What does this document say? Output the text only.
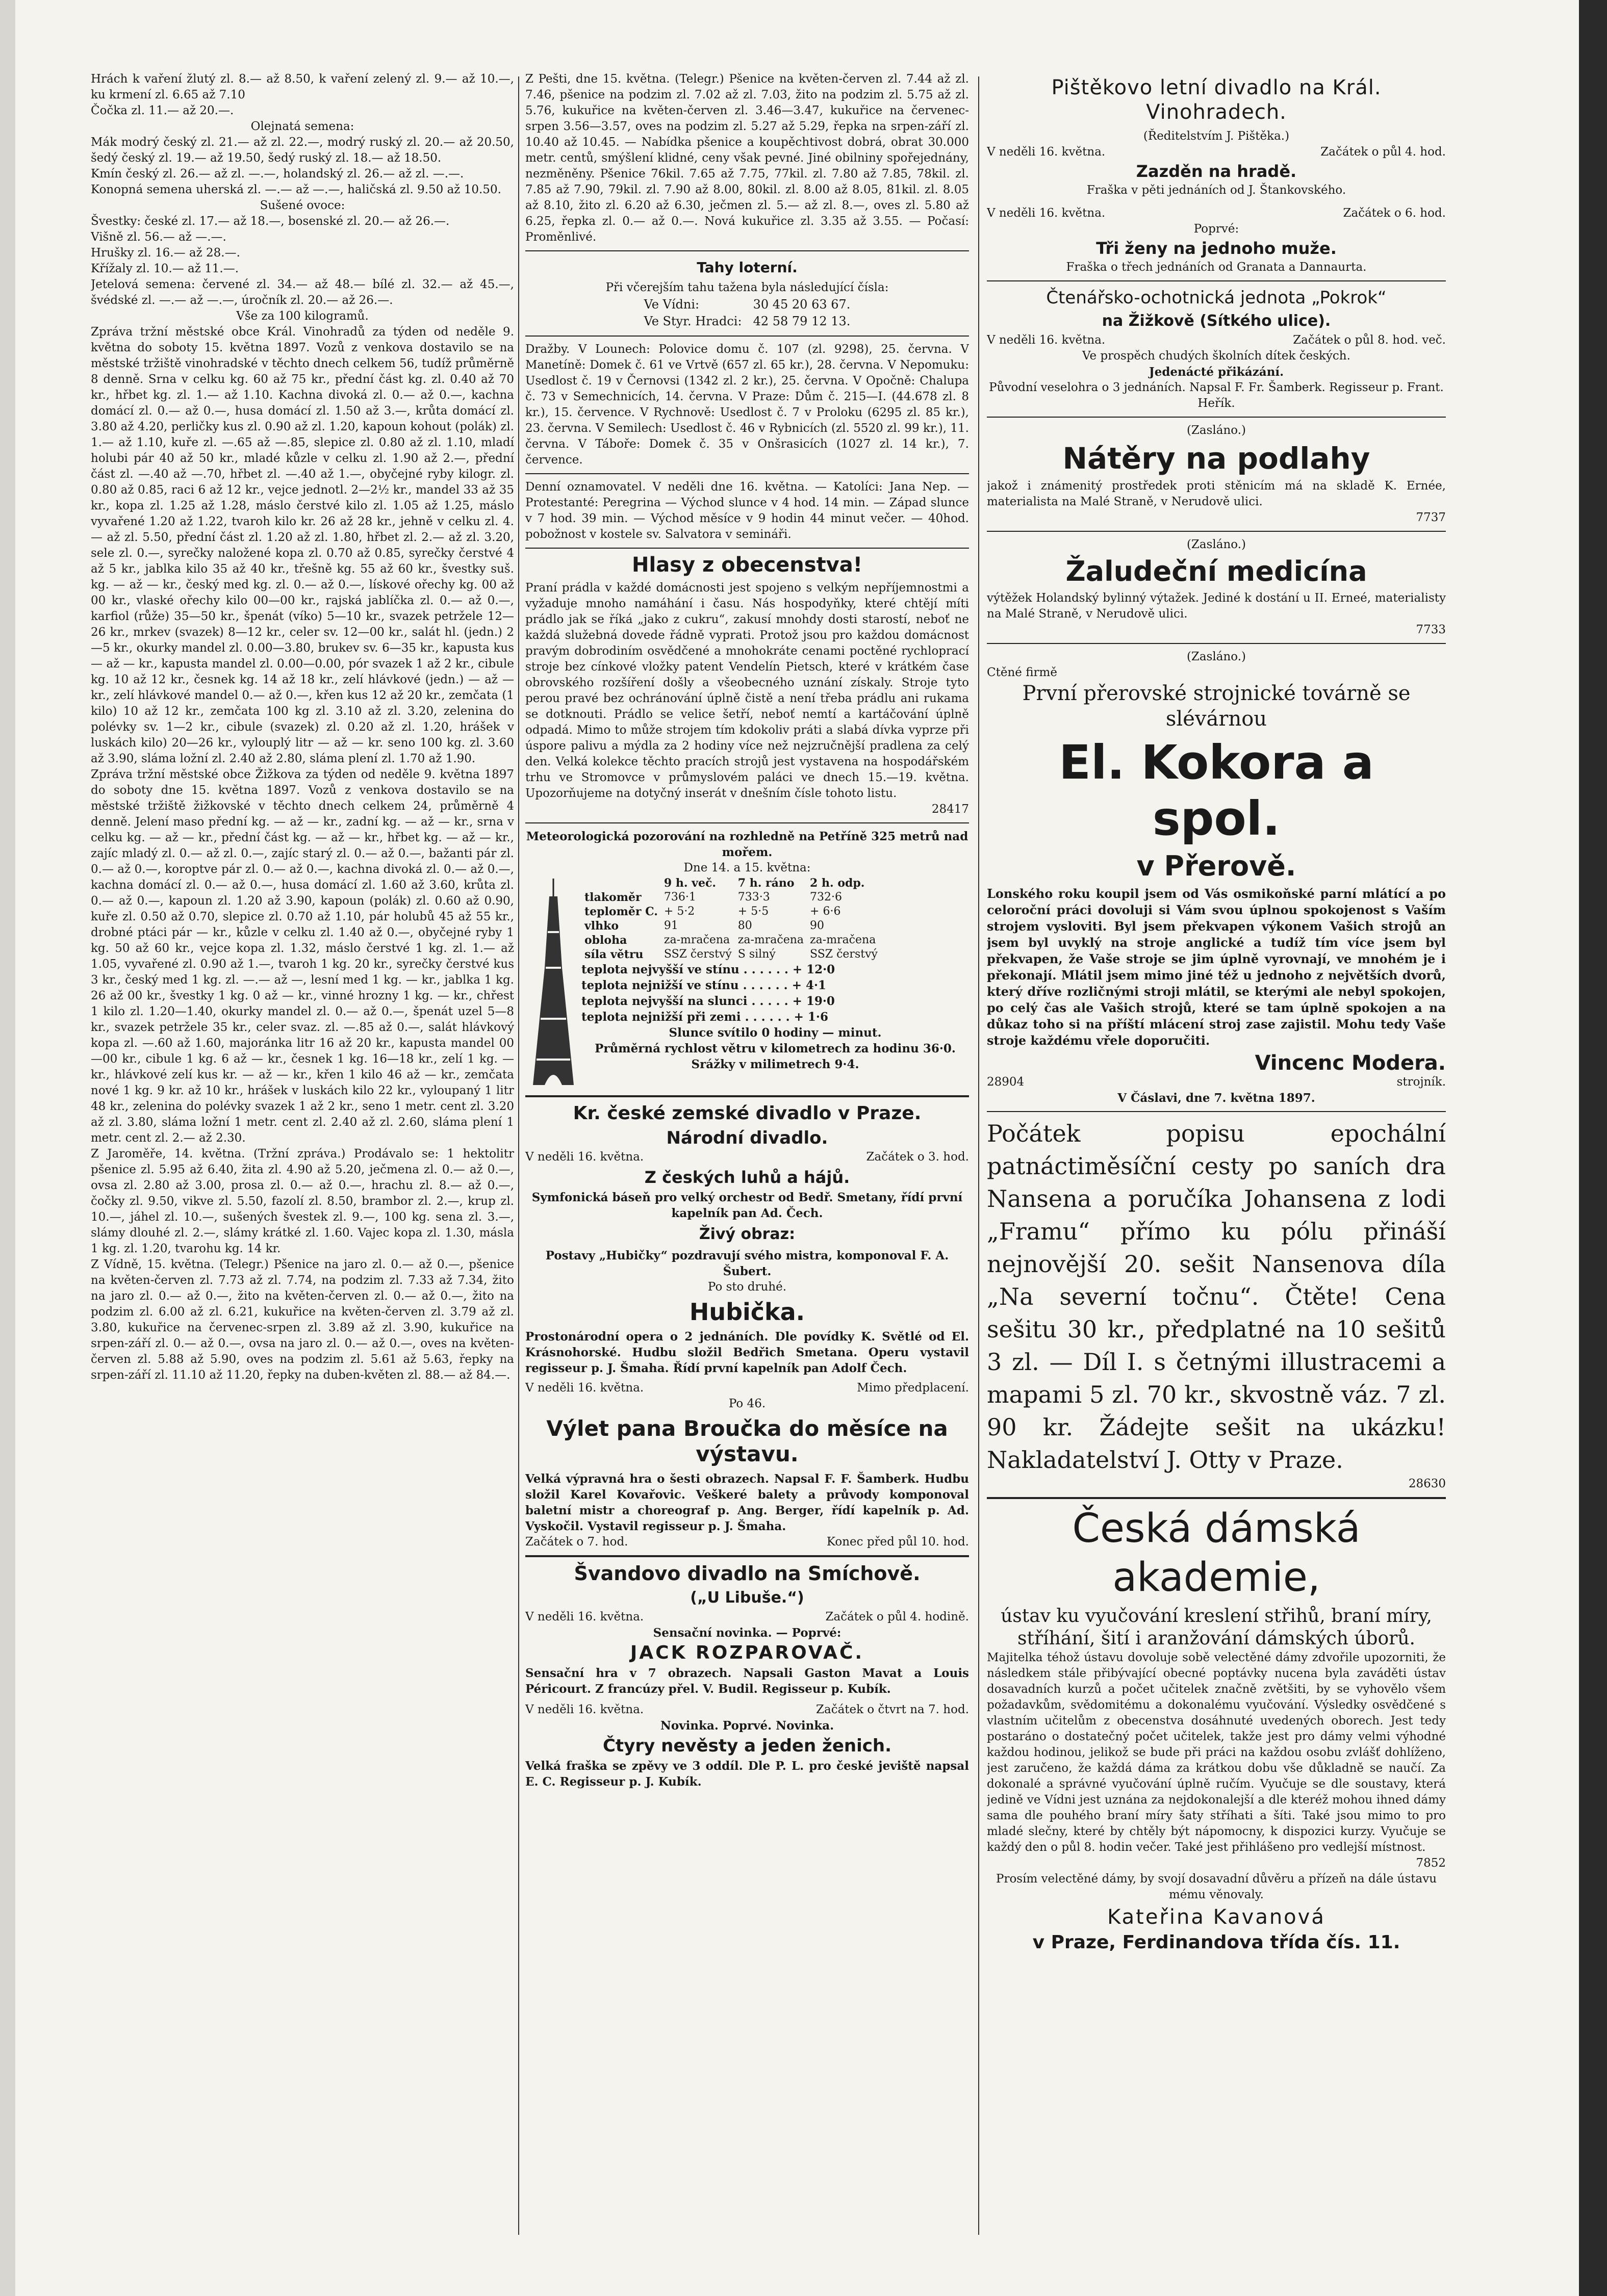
Hrách k vaření žlutý zl. 8.— až 8.50, k vaření zelený zl. 9.— až 10.—, ku krmení zl. 6.65 až 7.10

Čočka zl. 11.— až 20.—.

Olejnatá semena:

Mák modrý český zl. 21.— až zl. 22.—, modrý ruský zl. 20.— až 20.50, šedý český zl. 19.— až 19.50, šedý ruský zl. 18.— až 18.50.

Kmín český zl. 26.— až zl. —.—, holandský zl. 26.— až zl. —.—.

Konopná semena uherská zl. —.— až —.—, haličská zl. 9.50 až 10.50.

Sušené ovoce:

Švestky: české zl. 17.— až 18.—, bosenské zl. 20.— až 26.—.

Višně zl. 56.— až —.—.

Hrušky zl. 16.— až 28.—.

Křížaly zl. 10.— až 11.—.

Jetelová semena: červené zl. 34.— až 48.— bílé zl. 32.— až 45.—, švédské zl. —.— až —.—, úročník zl. 20.— až 26.—.

Vše za 100 kilogramů.

Zpráva tržní městské obce Král. Vinohradů za týden od neděle 9. května do soboty 15. května 1897. Vozů z venkova dostavilo se na městské tržiště vinohradské v těchto dnech celkem 56, tudíž průměrně 8 denně. Srna v celku kg. 60 až 75 kr., přední část kg. zl. 0.40 až 70 kr., hřbet kg. zl. 1.— až 1.10. Kachna divoká zl. 0.— až 0.—, kachna domácí zl. 0.— až 0.—, husa domácí zl. 1.50 až 3.—, krůta domácí zl. 3.80 až 4.20, perličky kus zl. 0.90 až zl. 1.20, kapoun kohout (polák) zl. 1.— až 1.10, kuře zl. —.65 až —.85, slepice zl. 0.80 až zl. 1.10, mladí holubi pár 40 až 50 kr., mladé kůzle v celku zl. 1.90 až 2.—, přední část zl. —.40 až —.70, hřbet zl. —.40 až 1.—, obyčejné ryby kilogr. zl. 0.80 až 0.85, raci 6 až 12 kr., vejce jednotl. 2—2½ kr., mandel 33 až 35 kr., kopa zl. 1.25 až 1.28, máslo čerstvé kilo zl. 1.05 až 1.25, máslo vyvařené 1.20 až 1.22, tvaroh kilo kr. 26 až 28 kr., jehně v celku zl. 4.— až zl. 5.50, přední část zl. 1.20 až zl. 1.80, hřbet zl. 2.— až zl. 3.20, sele zl. 0.—, syrečky naložené kopa zl. 0.70 až 0.85, syrečky čerstvé 4 až 5 kr., jablka kilo 35 až 40 kr., třešně kg. 55 až 60 kr., švestky suš. kg. — až — kr., český med kg. zl. 0.— až 0.—, lískové ořechy kg. 00 až 00 kr., vlaské ořechy kilo 00—00 kr., rajská jablíčka zl. 0.— až 0.—, karfiol (růže) 35—50 kr., špenát (víko) 5—10 kr., svazek petržele 12—26 kr., mrkev (svazek) 8—12 kr., celer sv. 12—00 kr., salát hl. (jedn.) 2—5 kr., okurky mandel zl. 0.00—3.80, brukev sv. 6—35 kr., kapusta kus — až — kr., kapusta mandel zl. 0.00—0.00, pór svazek 1 až 2 kr., cibule kg. 10 až 12 kr., česnek kg. 14 až 18 kr., zelí hlávkové (jedn.) — až — kr., zelí hlávkové mandel 0.— až 0.—, křen kus 12 až 20 kr., zemčata (1 kilo) 10 až 12 kr., zemčata 100 kg zl. 3.10 až zl. 3.20, zelenina do polévky sv. 1—2 kr., cibule (svazek) zl. 0.20 až zl. 1.20, hrášek v luskách kilo) 20—26 kr., vylouplý litr — až — kr. seno 100 kg. zl. 3.60 až 3.90, sláma ložní zl. 2.40 až 2.80, sláma plení zl. 1.70 až 1.90.

Zpráva tržní městské obce Žižkova za týden od neděle 9. května 1897 do soboty dne 15. května 1897. Vozů z venkova dostavilo se na městské tržiště žižkovské v těchto dnech celkem 24, průměrně 4 denně. Jelení maso přední kg. — až — kr., zadní kg. — až — kr., srna v celku kg. — až — kr., přední část kg. — až — kr., hřbet kg. — až — kr., zajíc mladý zl. 0.— až zl. 0.—, zajíc starý zl. 0.— až 0.—, bažanti pár zl. 0.— až 0.—, koroptve pár zl. 0.— až 0.—, kachna divoká zl. 0.— až 0.—, kachna domácí zl. 0.— až 0.—, husa domácí zl. 1.60 až 3.60, krůta zl. 0.— až 0.—, kapoun zl. 1.20 až 3.90, kapoun (polák) zl. 0.60 až 0.90, kuře zl. 0.50 až 0.70, slepice zl. 0.70 až 1.10, pár holubů 45 až 55 kr., drobné ptáci pár — kr., kůzle v celku zl. 1.40 až 0.—, obyčejné ryby 1 kg. 50 až 60 kr., vejce kopa zl. 1.32, máslo čerstvé 1 kg. zl. 1.— až 1.05, vyvařené zl. 0.90 až 1.—, tvaroh 1 kg. 20 kr., syrečky čerstvé kus 3 kr., český med 1 kg. zl. —.— až —, lesní med 1 kg. — kr., jablka 1 kg. 26 až 00 kr., švestky 1 kg. 0 až — kr., vinné hrozny 1 kg. — kr., chřest 1 kilo zl. 1.20—1.40, okurky mandel zl. 0.— až 0.—, špenát uzel 5—8 kr., svazek petržele 35 kr., celer svaz. zl. —.85 až 0.—, salát hlávkový kopa zl. —.60 až 1.60, majoránka litr 16 až 20 kr., kapusta mandel 00—00 kr., cibule 1 kg. 6 až — kr., česnek 1 kg. 16—18 kr., zelí 1 kg. — kr., hlávkové zelí kus kr. — až — kr., křen 1 kilo 46 až — kr., zemčata nové 1 kg. 9 kr. až 10 kr., hrášek v luskách kilo 22 kr., vyloupaný 1 litr 48 kr., zelenina do polévky svazek 1 až 2 kr., seno 1 metr. cent zl. 3.20 až zl. 3.80, sláma ložní 1 metr. cent zl. 2.40 až zl. 2.60, sláma plení 1 metr. cent zl. 2.— až 2.30.

Z Jaroměře, 14. května. (Tržní zpráva.) Prodávalo se: 1 hektolitr pšenice zl. 5.95 až 6.40, žita zl. 4.90 až 5.20, ječmena zl. 0.— až 0.—, ovsa zl. 2.80 až 3.00, prosa zl. 0.— až 0.—, hrachu zl. 8.— až 0.—, čočky zl. 9.50, vikve zl. 5.50, fazolí zl. 8.50, brambor zl. 2.—, krup zl. 10.—, jáhel zl. 10.—, sušených švestek zl. 9.—, 100 kg. sena zl. 3.—, slámy dlouhé zl. 2.—, slámy krátké zl. 1.60. Vajec kopa zl. 1.30, másla 1 kg. zl. 1.20, tvarohu kg. 14 kr.

Z Vídně, 15. května. (Telegr.) Pšenice na jaro zl. 0.— až 0.—, pšenice na květen-červen zl. 7.73 až zl. 7.74, na podzim zl. 7.33 až 7.34, žito na jaro zl. 0.— až 0.—, žito na květen-červen zl. 0.— až 0.—, žito na podzim zl. 6.00 až zl. 6.21, kukuřice na květen-červen zl. 3.79 až zl. 3.80, kukuřice na červenec-srpen zl. 3.89 až zl. 3.90, kukuřice na srpen-září zl. 0.— až 0.—, ovsa na jaro zl. 0.— až 0.—, oves na květen-červen zl. 5.88 až 5.90, oves na podzim zl. 5.61 až 5.63, řepky na srpen-září zl. 11.10 až 11.20, řepky na duben-květen zl. 88.— až 84.—.

Z Pešti, dne 15. května. (Telegr.) Pšenice na květen-červen zl. 7.44 až zl. 7.46, pšenice na podzim zl. 7.02 až zl. 7.03, žito na podzim zl. 5.75 až zl. 5.76, kukuřice na květen-červen zl. 3.46—3.47, kukuřice na červenec-srpen 3.56—3.57, oves na podzim zl. 5.27 až 5.29, řepka na srpen-září zl. 10.40 až 10.45. — Nabídka pšenice a koupěchtivost dobrá, obrat 30.000 metr. centů, smýšlení klidné, ceny však pevné. Jiné obilniny spořejednány, nezměněny. Pšenice 76kil. 7.65 až 7.75, 77kil. zl. 7.80 až 7.85, 78kil. zl. 7.85 až 7.90, 79kil. zl. 7.90 až 8.00, 80kil. zl. 8.00 až 8.05, 81kil. zl. 8.05 až 8.10, žito zl. 6.20 až 6.30, ječmen zl. 5.— až zl. 8.—, oves zl. 5.80 až 6.25, řepka zl. 0.— až 0.—. Nová kukuřice zl. 3.35 až 3.55. — Počasí: Proměnlivé.

Tahy loterní.

Při včerejším tahu tažena byla následující čísla:

Ve Vídni:	30 45 20 63 67.
Ve Styr. Hradci:	42 58 79 12 13.

Dražby. V Lounech: Polovice domu č. 107 (zl. 9298), 25. června. V Manetíně: Domek č. 61 ve Vrtvě (657 zl. 65 kr.), 28. června. V Nepomuku: Usedlost č. 19 v Černovsi (1342 zl. 2 kr.), 25. června. V Opočně: Chalupa č. 73 v Semechnicích, 14. června. V Praze: Dům č. 215—I. (44.678 zl. 8 kr.), 15. července. V Rychnově: Usedlost č. 7 v Proloku (6295 zl. 85 kr.), 23. června. V Semilech: Usedlost č. 46 v Rybnicích (zl. 5520 zl. 99 kr.), 11. června. V Táboře: Domek č. 35 v Onšrasicích (1027 zl. 14 kr.), 7. července.

Denní oznamovatel. V neděli dne 16. května. — Katolíci: Jana Nep. — Protestanté: Peregrina — Východ slunce v 4 hod. 14 min. — Západ slunce v 7 hod. 39 min. — Východ měsíce v 9 hodin 44 minut večer. — 40hod. pobožnost v kostele sv. Salvatora v semináři.

Hlasy z obecenstva!

Praní prádla v každé domácnosti jest spojeno s velkým nepříjemnostmi a vyžaduje mnoho namáhání i času. Nás hospodyňky, které chtějí míti prádlo jak se říká „jako z cukru“, zakusí mnohdy dosti starostí, neboť ne každá služebná dovede řádně vyprati. Protož jsou pro každou domácnost pravým dobrodiním osvědčené a mnohokráte cenami poctěné rychloprací stroje bez cínkové vložky patent Vendelín Pietsch, které v krátkém čase obrovského rozšíření došly a všeobecného uznání získaly. Stroje tyto perou pravé bez ochránování úplně čistě a není třeba prádlu ani rukama se dotknouti. Prádlo se velice šetří, neboť nemtí a kartáčování úplně odpadá. Mimo to může strojem tím kdokoliv práti a slabá dívka vyprze při úspore palivu a mýdla za 2 hodiny více než nejzručnější pradlena za celý den. Velká kolekce těchto pracích strojů jest vystavena na hospodářském trhu ve Stromovce v průmyslovém paláci ve dnech 15.—19. května. Upozorňujeme na dotyčný inserát v dnešním čísle tohoto listu.

28417

Meteorologická pozorování na rozhledně na Petříně 325 metrů nad mořem.

Dne 14. a 15. května:

	9 h. več.	7 h. ráno	2 h. odp.
tlakoměr	736·1	733·3	732·6
teploměr C.	+ 5·2	+ 5·5	+ 6·6
vlhko	91	80	90
obloha	za-mračena	za-mračena	za-mračena
síla větru	SSZ čerstvý	S silný	SSZ čerstvý

teplota nejvyšší ve stínu . . . . . . + 12·0

teplota nejnižší ve stínu . . . . . . + 4·1

teplota nejvyšší na slunci . . . . . + 19·0

teplota nejnižší při zemi . . . . . . + 1·6

Slunce svítilo 0 hodiny — minut.

Průměrná rychlost větru v kilometrech za hodinu 36·0.

Srážky v milimetrech 9·4.

Kr. české zemské divadlo v Praze.

Národní divadlo.

V neděli 16. května.	Začátek o 3. hod.

Z českých luhů a hájů.

Symfonická báseň pro velký orchestr od Bedř. Smetany, řídí první kapelník pan Ad. Čech.

Živý obraz:

Postavy „Hubičky“ pozdravují svého mistra, komponoval F. A. Šubert.

Po sto druhé.

Hubička.

Prostonárodní opera o 2 jednáních. Dle povídky K. Světlé od El. Krásnohorské. Hudbu složil Bedřich Smetana. Operu vystavil regisseur p. J. Šmaha. Řídí první kapelník pan Adolf Čech.

V neděli 16. května.	Mimo předplacení.

Po 46.

Výlet pana Broučka do měsíce na výstavu.

Velká výpravná hra o šesti obrazech. Napsal F. F. Šamberk. Hudbu složil Karel Kovařovic. Veškeré balety a průvody komponoval baletní mistr a choreograf p. Ang. Berger, řídí kapelník p. Ad. Vyskočil. Vystavil regisseur p. J. Šmaha.

Začátek o 7. hod.	Konec před půl 10. hod.

Švandovo divadlo na Smíchově.

(„U Libuše.“)

V neděli 16. května.	Začátek o půl 4. hodině.

Sensační novinka. — Poprvé:

JACK ROZPAROVAČ.

Sensační hra v 7 obrazech. Napsali Gaston Mavat a Louis Péricourt. Z francúzy přel. V. Budil. Regisseur p. Kubík.

V neděli 16. května.	Začátek o čtvrt na 7. hod.

Novinka. Poprvé. Novinka.

Čtyry nevěsty a jeden ženich.

Velká fraška se zpěvy ve 3 oddíl. Dle P. L. pro české jeviště napsal E. C. Regisseur p. J. Kubík.

Pištěkovo letní divadlo na Král. Vinohradech.

(Ředitelstvím J. Pištěka.)

V neděli 16. května.	Začátek o půl 4. hod.

Zazděn na hradě.

Fraška v pěti jednáních od J. Štankovského.

V neděli 16. května.	Začátek o 6. hod.

Poprvé:

Tři ženy na jednoho muže.

Fraška o třech jednáních od Granata a Dannaurta.

Čtenářsko-ochotnická jednota „Pokrok“

na Žižkově (Sítkého ulice).

V neděli 16. května.	Začátek o půl 8. hod. več.

Ve prospěch chudých školních dítek českých.

Jedenácté přikázání.

Původní veselohra o 3 jednáních. Napsal F. Fr. Šamberk. Regisseur p. Frant. Heřík.

(Zasláno.)

Nátěry na podlahy

jakož i známenitý prostředek proti stěnicím má na skladě K. Ernée, materialista na Malé Straně, v Nerudově ulici.

7737

(Zasláno.)

Žaludeční medicína

výtěžek Holandský bylinný výtažek. Jediné k dostání u II. Erneé, materialisty na Malé Straně, v Nerudově ulici.

7733

(Zasláno.)

Ctěné firmě

První přerovské strojnické továrně se slévárnou

El. Kokora a spol.

v Přerově.

Lonského roku koupil jsem od Vás osmikoňské parní mlátící a po celoroční práci dovoluji si Vám svou úplnou spokojenost s Vaším strojem vysloviti. Byl jsem překvapen výkonem Vašich strojů an jsem byl uvyklý na stroje anglické a tudíž tím více jsem byl překvapen, že Vaše stroje se jim úplně vyrovnají, ve mnohém je i překonají. Mlátil jsem mimo jiné též u jednoho z největších dvorů, který dříve rozličnými stroji mlátil, se kterými ale nebyl spokojen, po celý čas ale Vašich strojů, které se tam úplně spokojen a na důkaz toho si na příští mlácení stroj zase zajistil. Mohu tedy Vaše stroje každému vřele doporučiti.

Vincenc Modera.

28904	strojník.

V Čáslavi, dne 7. května 1897.

Počátek popisu epochální patnáctiměsíční cesty po saních dra Nansena a poručíka Johansena z lodi „Framu“ přímo ku pólu přináší nejnovější 20. sešit Nansenova díla „Na severní točnu“. Čtěte! Cena sešitu 30 kr., předplatné na 10 sešitů 3 zl. — Díl I. s četnými illustracemi a mapami 5 zl. 70 kr., skvostně váz. 7 zl. 90 kr. Žádejte sešit na ukázku! Nakladatelství J. Otty v Praze.

28630

Česká dámská akademie,

ústav ku vyučování kreslení střihů, braní míry, stříhání, šití i aranžování dámských úborů.

Majitelka téhož ústavu dovoluje sobě velectěné dámy zdvořile upozorniti, že následkem stále přibývající obecné poptávky nucena byla zaváděti ústav dosavadních kurzů a počet učitelek značně zvětšiti, by se vyhovělo všem požadavkům, svědomitému a dokonalému vyučování. Výsledky osvědčené s vlastním učitelům z obecenstva dosáhnuté uvedených oborech. Jest tedy postaráno o dostatečný počet učitelek, takže jest pro dámy velmi výhodné každou hodinou, jelikož se bude při práci na každou osobu zvlášť dohlíženo, jest zaručeno, že každá dáma za krátkou dobu vše důkladně se naučí. Za dokonalé a správné vyučování úplně ručím. Vyučuje se dle soustavy, která jedině ve Vídni jest uznána za nejdokonalejší a dle kteréž mohou ihned dámy sama dle pouhého braní míry šaty stříhati a šíti. Také jsou mimo to pro mladé slečny, které by chtěly být nápomocny, k dispozici kurzy. Vyučuje se každý den o půl 8. hodin večer. Také jest přihlášeno pro vedlejší místnost.

7852

Prosím velectěné dámy, by svojí dosavadní důvěru a přízeň na dále ústavu mému věnovaly.

Kateřina Kavanová

v Praze, Ferdinandova třída čís. 11.
